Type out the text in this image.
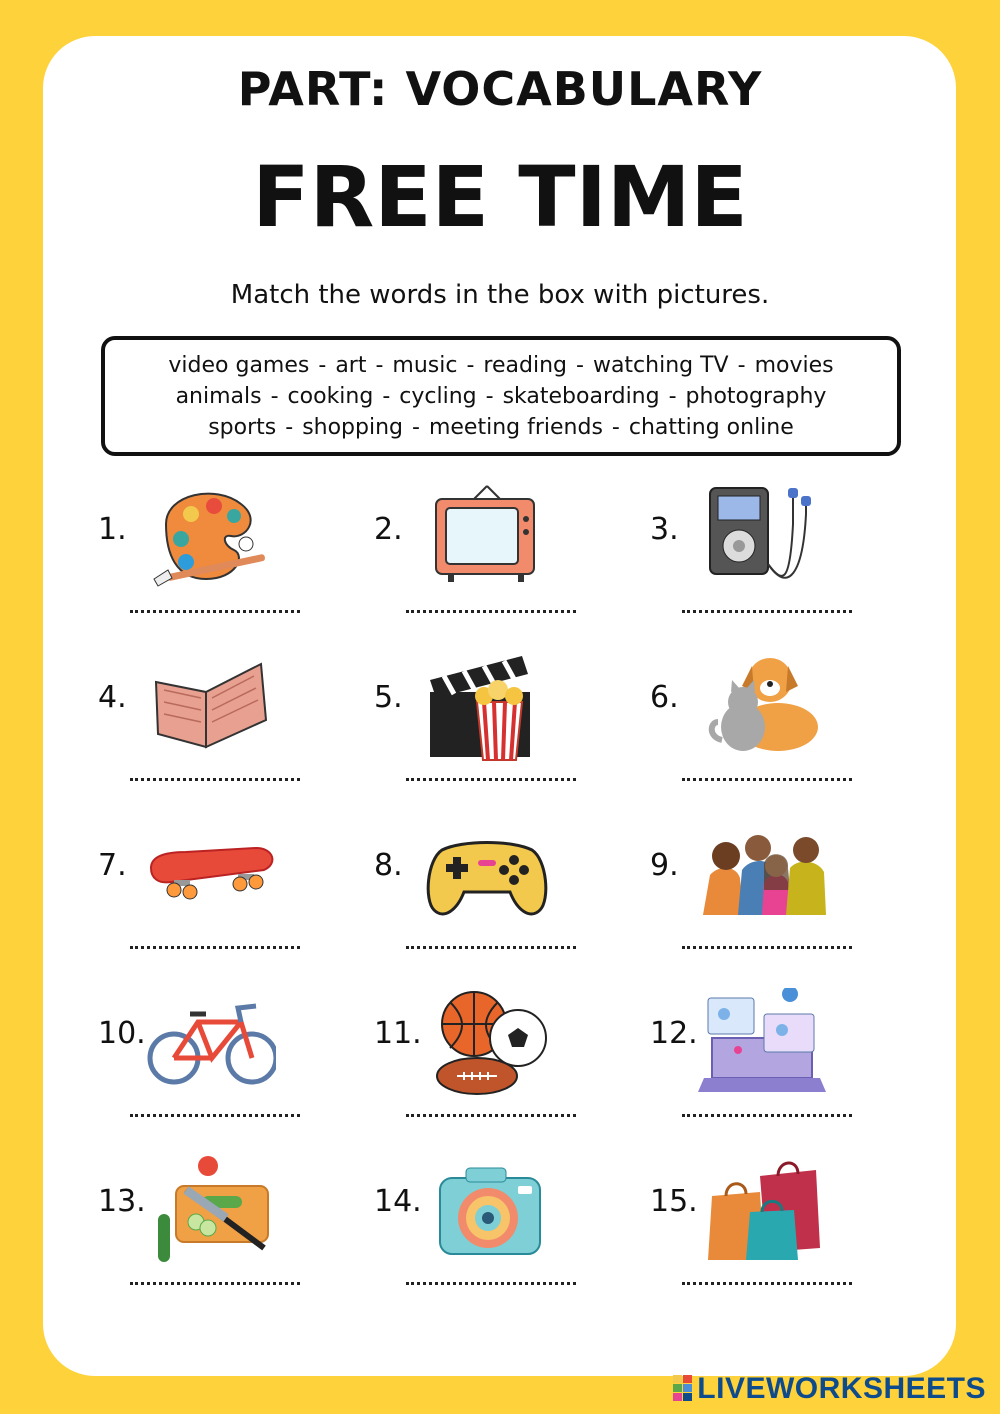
PART: VOCABULARY
FREE TIME
Match the words in the box with pictures.
video games - art - music - reading - watching TV - movies
animals - cooking - cycling - skateboarding - photography
sports - shopping - meeting friends - chatting online
1.	2.	3.
4.	5.	6.
7.	8.	9.
10.	11.	12.
13.	14.	15.
LIVEWORKSHEETS
